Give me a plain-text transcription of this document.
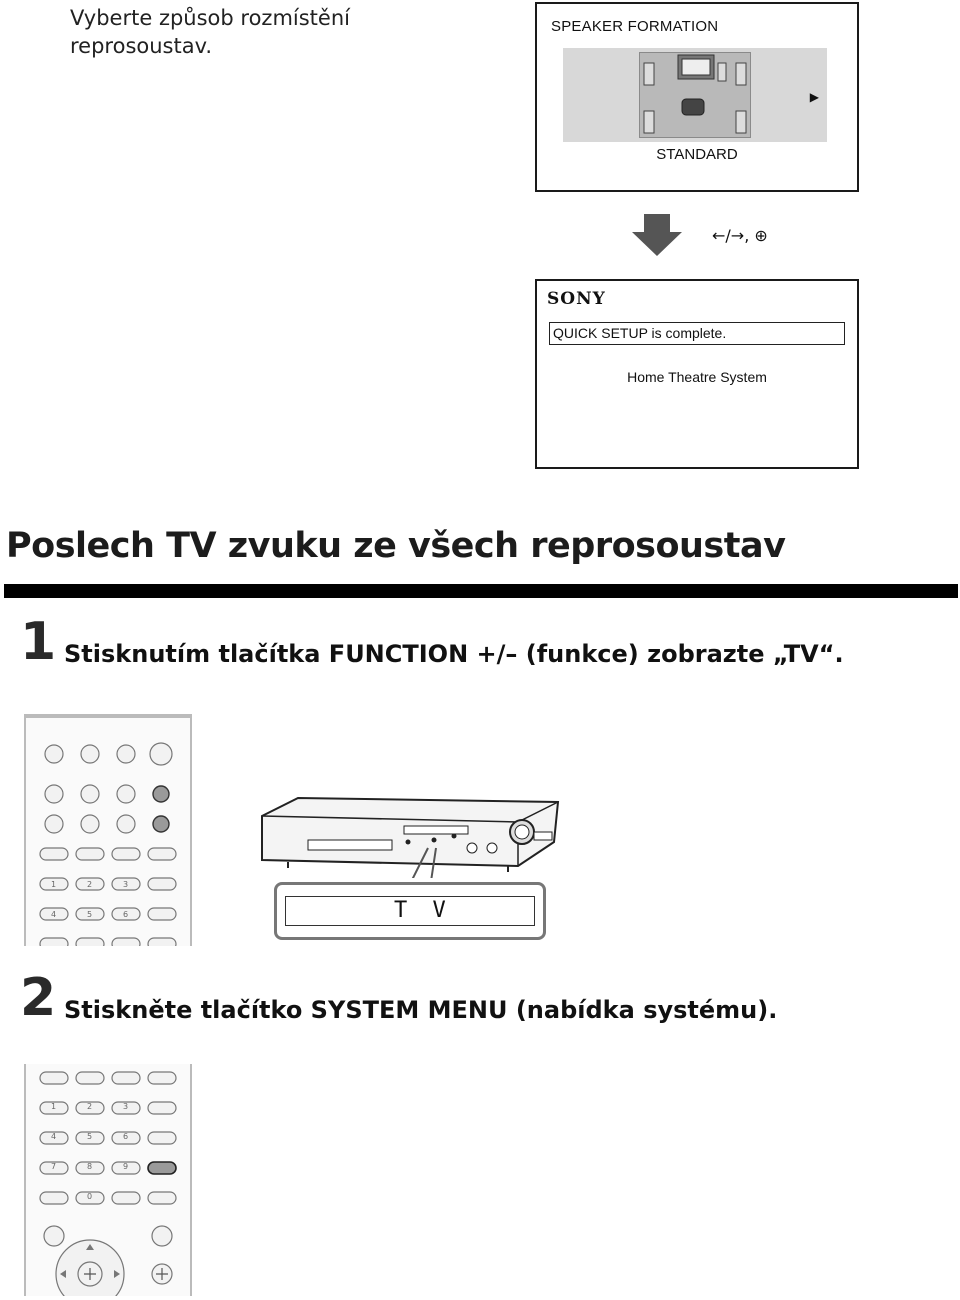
Vyberte způsob rozmístění
reprosoustav.
SPEAKER FORMATION
▶
STANDARD
←/→, ⊕
SONY
QUICK SETUP is complete.
Home Theatre System
Poslech TV zvuku ze všech reprosoustav
1 Stisknutím tlačítka FUNCTION +/– (funkce) zobrazte „TV“.
1	2	3
4	5	6	T V
2 Stiskněte tlačítko SYSTEM MENU (nabídka systému).
1	2	3
4	5	6
7	8	9
0
